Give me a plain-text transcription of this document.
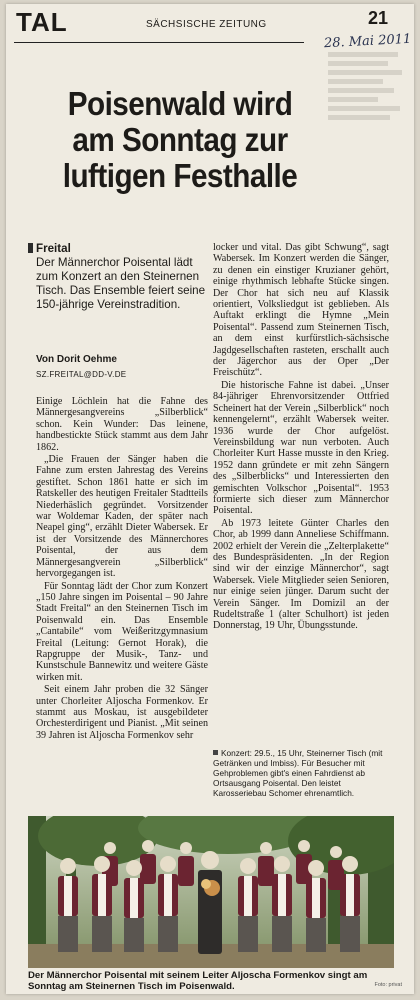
TAL	SÄCHSISCHE ZEITUNG	21
28. Mai 2011
Poisenwald wird am Sonntag zur luftigen Festhalle
Freital
Der Männerchor Poisental lädt zum Konzert an den Steinernen Tisch. Das Ensemble feiert seine 150-jährige Vereinstradition.
Von Dorit Oehme
SZ.FREITAL@DD-V.DE

Einige Löchlein hat die Fahne des Männergesangvereins „Silberblick“ schon. Kein Wunder: Das leinene, handbestickte Stück stammt aus dem Jahr 1862.

„Die Frauen der Sänger haben die Fahne zum ersten Jahrestag des Vereins gestiftet. Schon 1861 hatte er sich im Ratskeller des heutigen Freitaler Stadtteils Niederhäslich gegründet. Vorsitzender war Woldemar Kaden, der später nach Neapel ging“, erzählt Dieter Wabersek. Er ist der Vorsitzende des Männerchores Poisental, der aus dem Männergesangverein „Silberblick“ hervorgegangen ist.

Für Sonntag lädt der Chor zum Konzert „150 Jahre singen im Poisental – 90 Jahre Stadt Freital“ an den Steinernen Tisch im Poisenwald ein. Das Ensemble „Cantabile“ vom Weißeritzgymnasium Freital (Leitung: Gernot Horak), die Rapgruppe der Musik-, Tanz- und Kunstschule Bannewitz und weitere Gäste wirken mit.

Seit einem Jahr proben die 32 Sänger unter Chorleiter Aljoscha Formenkov. Er stammt aus Moskau, ist ausgebildeter Orchesterdirigent und Pianist. „Mit seinen 39 Jahren ist Aljoscha Formenkov sehr

locker und vital. Das gibt Schwung“, sagt Wabersek. Im Konzert werden die Sänger, zu denen ein einstiger Kruzianer gehört, einige rhythmisch lebhafte Stücke singen. Der Chor hat sich neu auf Klassik orientiert, Volksliedgut ist geblieben. Als Auftakt erklingt die Hymne „Mein Poisental“. Passend zum Steinernen Tisch, an dem einst kurfürstlich-sächsische Jagdgesellschaften rasteten, erschallt auch der Jägerchor aus der Oper „Der Freischütz“.

Die historische Fahne ist dabei. „Unser 84-jähriger Ehrenvorsitzender Ottfried Scheinert hat der Verein „Silberblick“ noch kennengelernt“, erzählt Wabersek weiter. 1936 wurde der Chor aufgelöst. Vereinsbildung war nun verboten. Auch Chorleiter Kurt Hasse musste in den Krieg. 1952 dann gründete er mit zehn Sängern des „Silberblicks“ und Interessierten den gemischten Volkschor „Poisental“. 1953 formierte sich dieser zum Männerchor Poisental.

Ab 1973 leitete Günter Charles den Chor, ab 1999 dann Anneliese Schiffmann. 2002 erhielt der Verein die „Zelterplakette“ des Bundespräsidenten. „In der Region sind wir der einzige Männerchor“, sagt Wabersek. Viele Mitglieder seien Senioren, nur einige seien jünger. Darum sucht der Verein Sänger. Im Domizil an der Rudeltstraße 1 (alter Schulhort) ist jeden Donnerstag, 19 Uhr, Übungsstunde.

Konzert: 29.5., 15 Uhr, Steinerner Tisch (mit Getränken und Imbiss). Für Besucher mit Gehproblemen gibt's einen Fahrdienst ab Ortsausgang Poisental. Den leistet Karosseriebau Schomer ehrenamtlich.
Der Männerchor Poisental mit seinem Leiter Aljoscha Formenkov singt am Sonntag am Steinernen Tisch im Poisenwald.	Foto: privat
